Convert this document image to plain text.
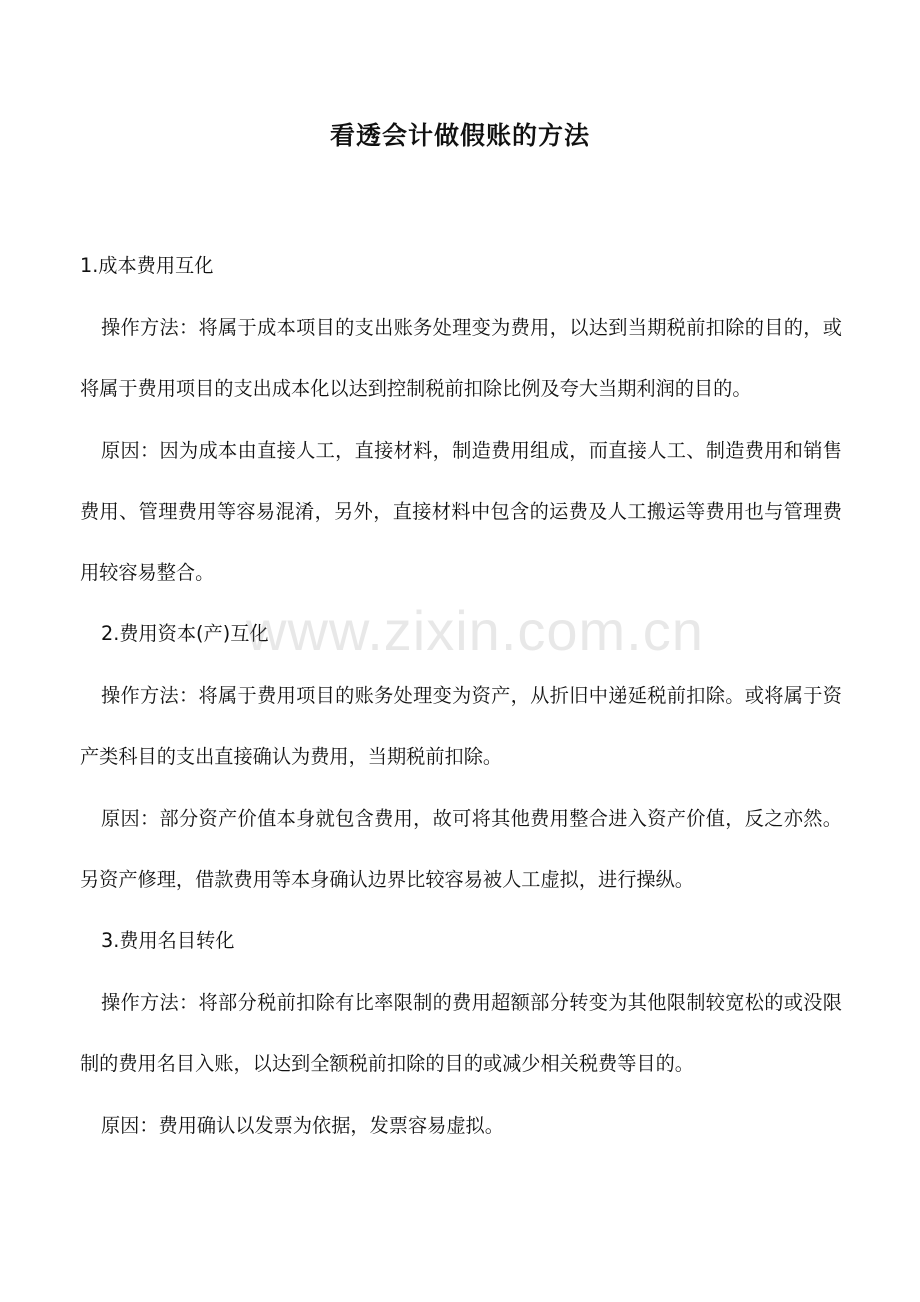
看透会计做假账的方法

1.成本费用互化

操作方法：将属于成本项目的支出账务处理变为费用，以达到当期税前扣除的目的，或将属于费用项目的支出成本化以达到控制税前扣除比例及夸大当期利润的目的。

原因：因为成本由直接人工，直接材料，制造费用组成，而直接人工、制造费用和销售费用、管理费用等容易混淆，另外，直接材料中包含的运费及人工搬运等费用也与管理费用较容易整合。

2.费用资本(产)互化

操作方法：将属于费用项目的账务处理变为资产，从折旧中递延税前扣除。或将属于资产类科目的支出直接确认为费用，当期税前扣除。

原因：部分资产价值本身就包含费用，故可将其他费用整合进入资产价值，反之亦然。另资产修理，借款费用等本身确认边界比较容易被人工虚拟，进行操纵。

3.费用名目转化

操作方法：将部分税前扣除有比率限制的费用超额部分转变为其他限制较宽松的或没限制的费用名目入账，以达到全额税前扣除的目的或减少相关税费等目的。

原因：费用确认以发票为依据，发票容易虚拟。

www.zixin.com.cn
